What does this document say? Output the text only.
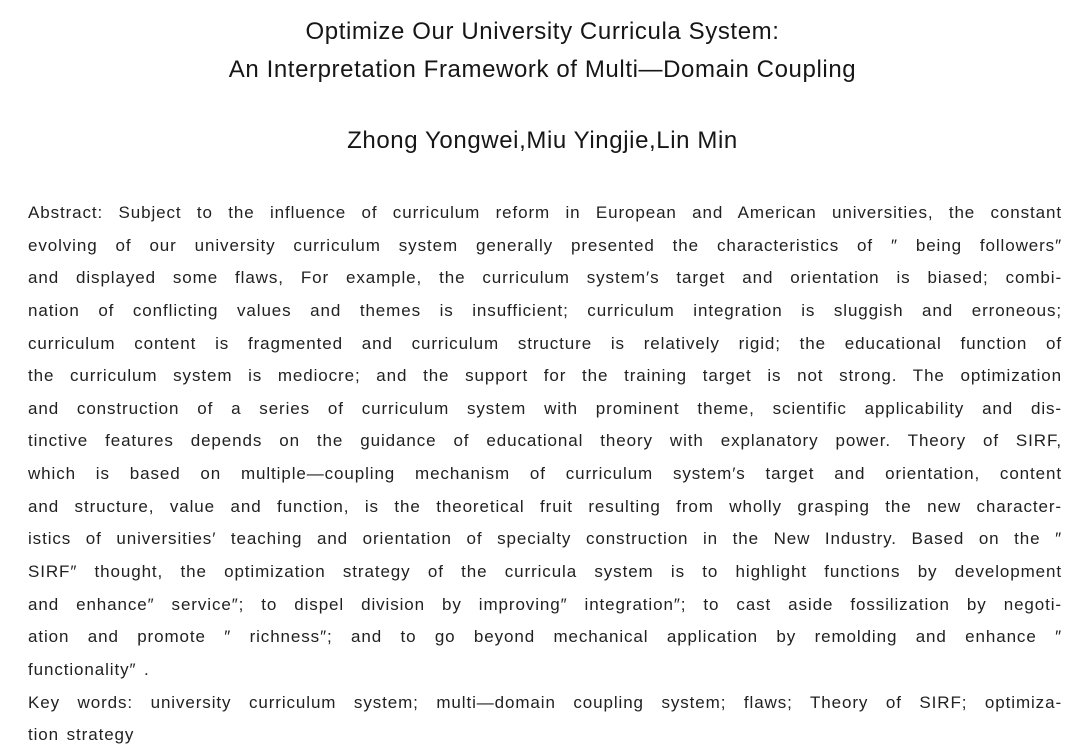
Optimize Our University Curricula System:
An Interpretation Framework of Multi—Domain Coupling
Zhong Yongwei,Miu Yingjie,Lin Min
Abstract: Subject to the influence of curriculum reform in European and American universities, the constant
evolving of our university curriculum system generally presented the characteristics of ″ being followers″
and displayed some flaws, For example, the curriculum system′s target and orientation is biased; combi-
nation of conflicting values and themes is insufficient; curriculum integration is sluggish and erroneous;
curriculum content is fragmented and curriculum structure is relatively rigid; the educational function of
the curriculum system is mediocre; and the support for the training target is not strong. The optimization
and construction of a series of curriculum system with prominent theme, scientific applicability and dis-
tinctive features depends on the guidance of educational theory with explanatory power. Theory of SIRF,
which is based on multiple—coupling mechanism of curriculum system′s target and orientation, content
and structure, value and function, is the theoretical fruit resulting from wholly grasping the new character-
istics of universities′ teaching and orientation of specialty construction in the New Industry. Based on the ″
SIRF″ thought, the optimization strategy of the curricula system is to highlight functions by development
and enhance″ service″; to dispel division by improving″ integration″; to cast aside fossilization by negoti-
ation and promote ″ richness″; and to go beyond mechanical application by remolding and enhance ″
functionality″ .
Key words: university curriculum system; multi—domain coupling system; flaws; Theory of SIRF; optimiza-
tion strategy
